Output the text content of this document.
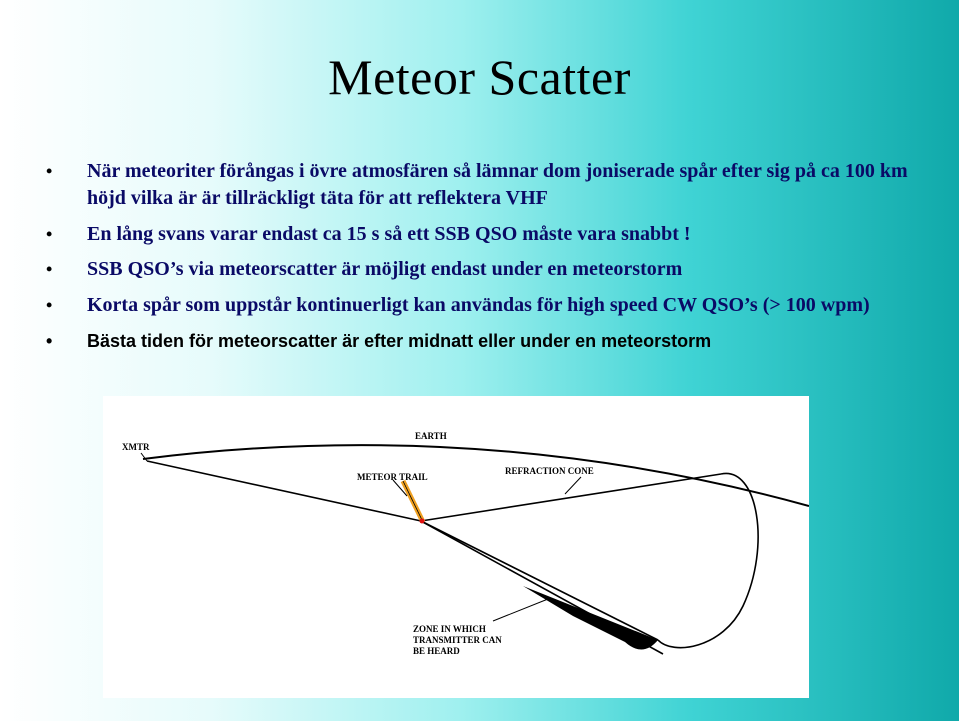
Meteor Scatter
• När meteoriter förångas i övre atmosfären så lämnar dom joniserade spår efter sig på ca 100 km höjd vilka är är tillräckligt täta för att reflektera VHF
• En lång svans varar endast ca 15 s så ett SSB QSO måste vara snabbt !
• SSB QSO’s via meteorscatter är möjligt endast under en meteorstorm
• Korta spår som uppstår kontinuerligt kan användas för high speed CW QSO’s (> 100 wpm)
• Bästa tiden för meteorscatter är efter midnatt eller under en meteorstorm
XMTR
EARTH
METEOR TRAIL
REFRACTION CONE
ZONE IN WHICH
TRANSMITTER CAN
BE HEARD
